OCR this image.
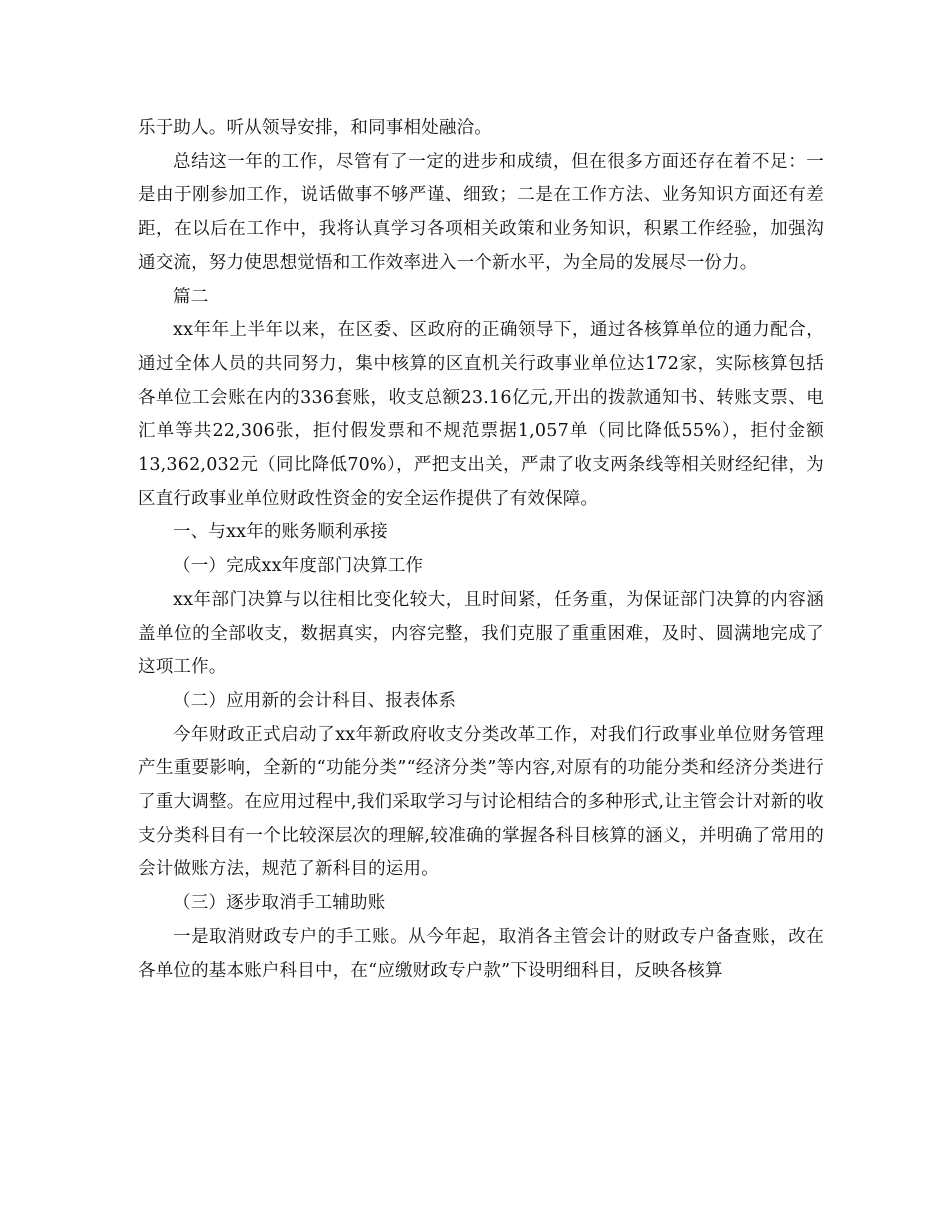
乐于助人。听从领导安排，和同事相处融洽。

总结这一年的工作，尽管有了一定的进步和成绩，但在很多方面还存在着不足：一是由于刚参加工作，说话做事不够严谨、细致；二是在工作方法、业务知识方面还有差距，在以后在工作中，我将认真学习各项相关政策和业务知识，积累工作经验，加强沟通交流，努力使思想觉悟和工作效率进入一个新水平，为全局的发展尽一份力。

篇二

xx年年上半年以来，在区委、区政府的正确领导下，通过各核算单位的通力配合，通过全体人员的共同努力，集中核算的区直机关行政事业单位达172家，实际核算包括各单位工会账在内的336套账，收支总额23.16亿元,开出的拨款通知书、转账支票、电汇单等共22,306张，拒付假发票和不规范票据1,057单（同比降低55%），拒付金额13,362,032元（同比降低70%），严把支出关，严肃了收支两条线等相关财经纪律，为区直行政事业单位财政性资金的安全运作提供了有效保障。

一、与xx年的账务顺利承接

（一）完成xx年度部门决算工作

xx年部门决算与以往相比变化较大，且时间紧，任务重，为保证部门决算的内容涵盖单位的全部收支，数据真实，内容完整，我们克服了重重困难，及时、圆满地完成了这项工作。

（二）应用新的会计科目、报表体系

今年财政正式启动了xx年新政府收支分类改革工作，对我们行政事业单位财务管理产生重要影响，全新的“功能分类”“经济分类”等内容,对原有的功能分类和经济分类进行了重大调整。在应用过程中,我们采取学习与讨论相结合的多种形式,让主管会计对新的收支分类科目有一个比较深层次的理解,较准确的掌握各科目核算的涵义，并明确了常用的会计做账方法，规范了新科目的运用。

（三）逐步取消手工辅助账

一是取消财政专户的手工账。从今年起，取消各主管会计的财政专户备查账，改在各单位的基本账户科目中，在“应缴财政专户款”下设明细科目，反映各核算
